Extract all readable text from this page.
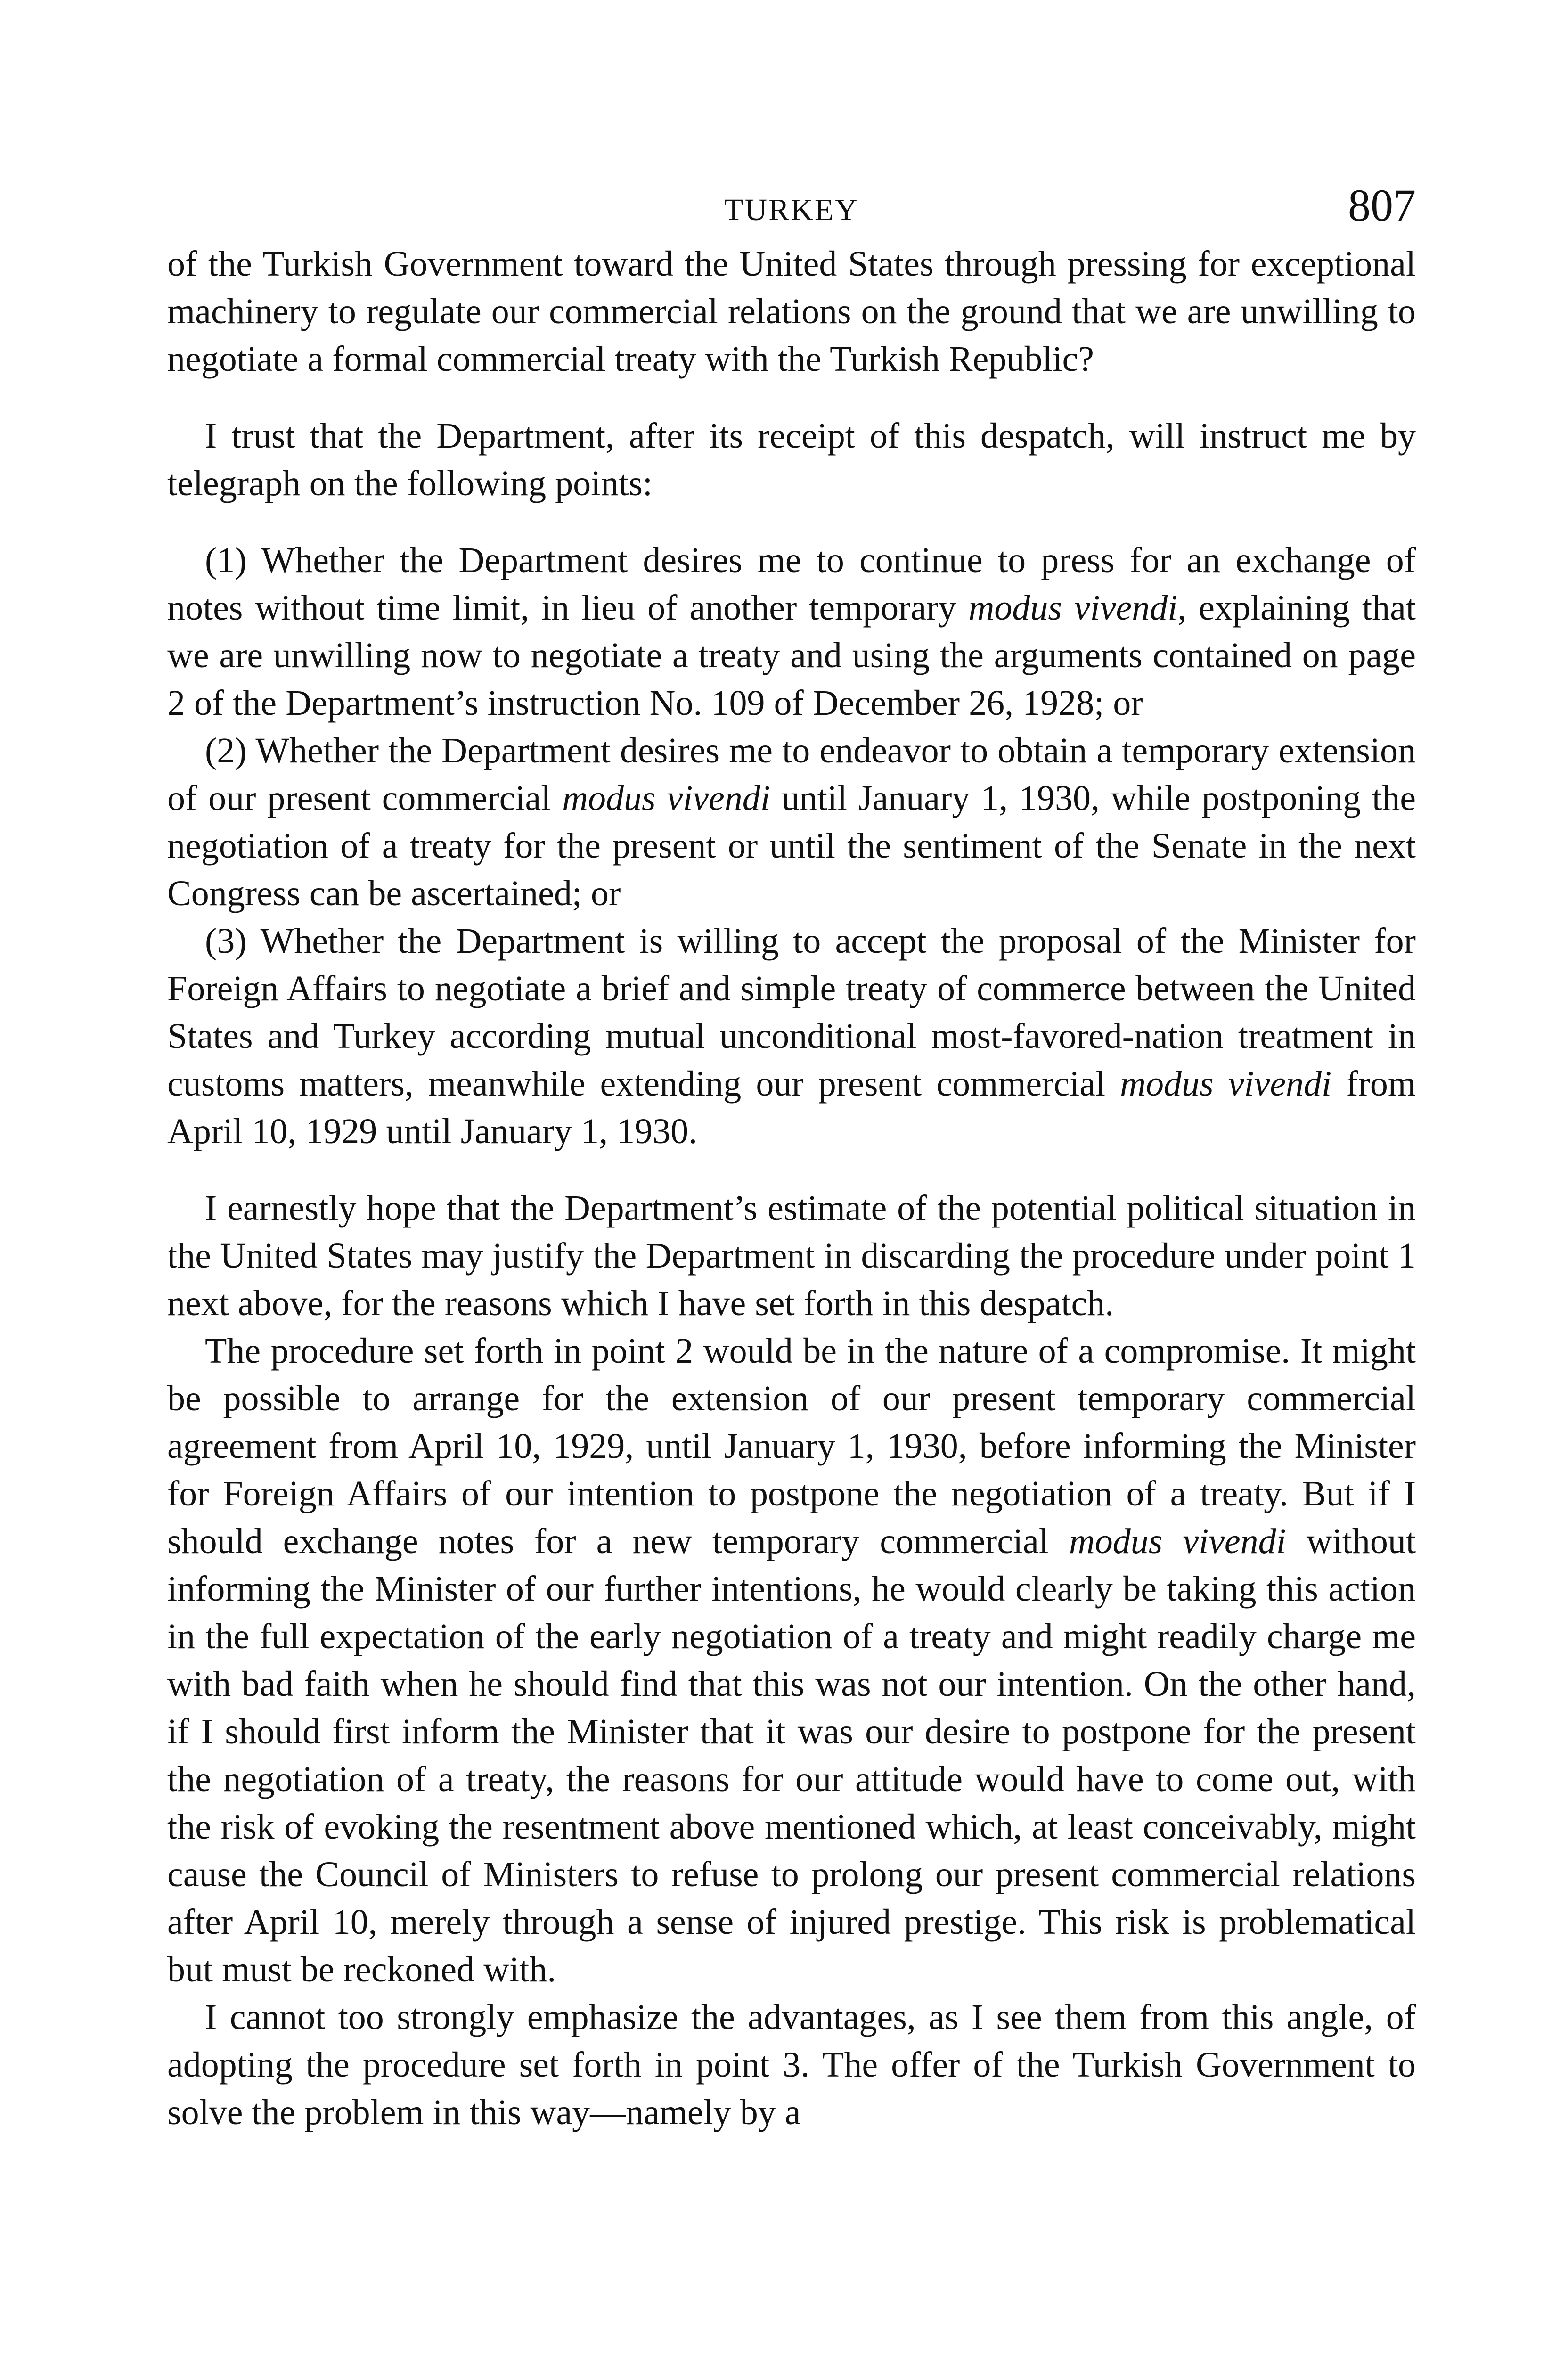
TURKEY	807

of the Turkish Government toward the United States through pressing for exceptional machinery to regulate our commercial relations on the ground that we are unwilling to negotiate a formal commercial treaty with the Turkish Republic?

I trust that the Department, after its receipt of this despatch, will instruct me by telegraph on the following points:

(1) Whether the Department desires me to continue to press for an exchange of notes without time limit, in lieu of another temporary modus vivendi, explaining that we are unwilling now to negotiate a treaty and using the arguments contained on page 2 of the Department’s instruction No. 109 of December 26, 1928; or

(2) Whether the Department desires me to endeavor to obtain a temporary extension of our present commercial modus vivendi until January 1, 1930, while postponing the negotiation of a treaty for the present or until the sentiment of the Senate in the next Congress can be ascertained; or

(3) Whether the Department is willing to accept the proposal of the Minister for Foreign Affairs to negotiate a brief and simple treaty of commerce between the United States and Turkey according mutual unconditional most-favored-nation treatment in customs matters, meanwhile extending our present commercial modus vivendi from April 10, 1929 until January 1, 1930.

I earnestly hope that the Department’s estimate of the potential political situation in the United States may justify the Department in discarding the procedure under point 1 next above, for the reasons which I have set forth in this despatch.

The procedure set forth in point 2 would be in the nature of a compromise. It might be possible to arrange for the extension of our present temporary commercial agreement from April 10, 1929, until January 1, 1930, before informing the Minister for Foreign Affairs of our intention to postpone the negotiation of a treaty. But if I should exchange notes for a new temporary commercial modus vivendi without informing the Minister of our further intentions, he would clearly be taking this action in the full expectation of the early negotiation of a treaty and might readily charge me with bad faith when he should find that this was not our intention. On the other hand, if I should first inform the Minister that it was our desire to postpone for the present the negotiation of a treaty, the reasons for our attitude would have to come out, with the risk of evoking the resentment above mentioned which, at least conceivably, might cause the Council of Ministers to refuse to prolong our present commercial relations after April 10, merely through a sense of injured prestige. This risk is problematical but must be reckoned with.

I cannot too strongly emphasize the advantages, as I see them from this angle, of adopting the procedure set forth in point 3. The offer of the Turkish Government to solve the problem in this way—namely by a
